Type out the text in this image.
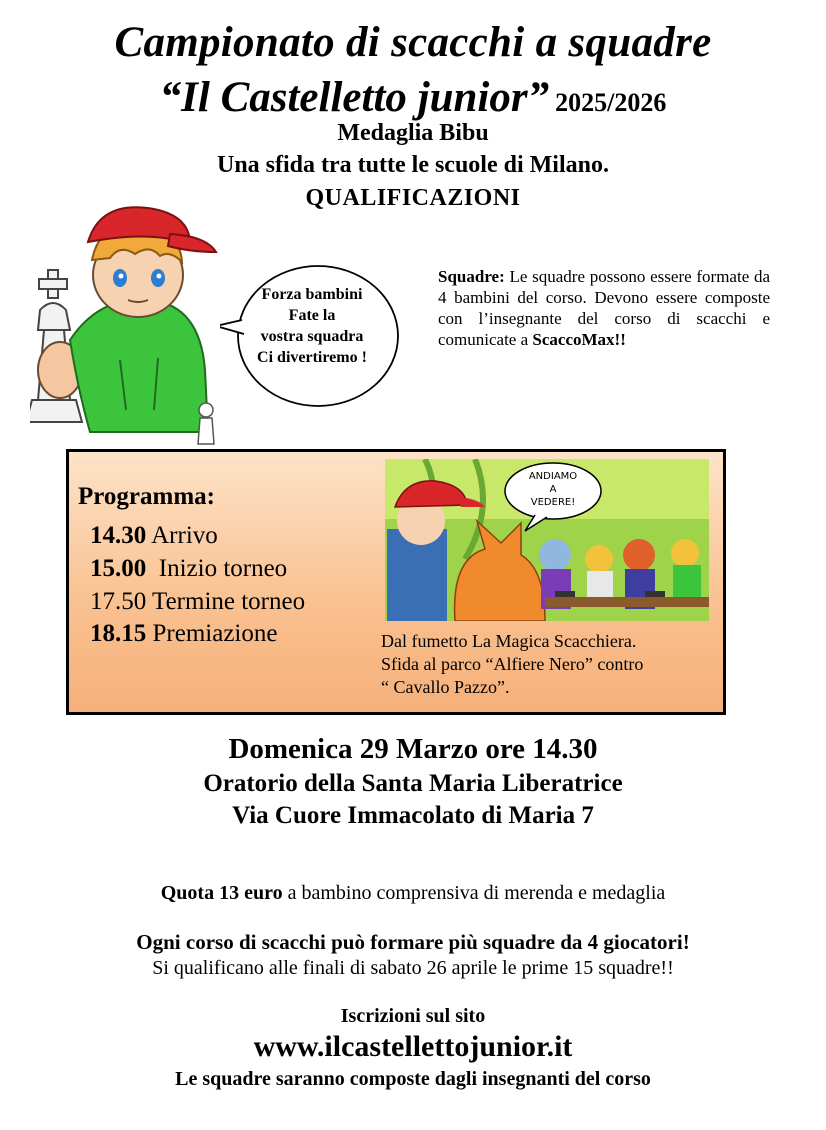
Campionato di scacchi a squadre
“Il Castelletto junior” 2025/2026
Medaglia Bibu
Una sfida tra tutte le scuole di Milano.
QUALIFICAZIONI
Forza bambini
Fate la
vostra squadra
Ci divertiremo !
Squadre: Le squadre possono essere formate da 4 bambini del corso. Devono essere composte con l’insegnante del corso di scacchi e comunicate a ScaccoMax!!
Programma:
14.30 Arrivo
15.00  Inizio torneo
17.50 Termine torneo
18.15 Premiazione
ANDIAMO
A
VEDERE!
Dal fumetto La Magica Scacchiera.
Sfida al parco “Alfiere Nero” contro
“ Cavallo Pazzo”.
Domenica 29 Marzo ore 14.30
Oratorio della Santa Maria Liberatrice
Via Cuore Immacolato di Maria 7
Quota 13 euro a bambino comprensiva di merenda e medaglia
Ogni corso di scacchi può formare più squadre da 4 giocatori!
Si qualificano alle finali di sabato 26 aprile le prime 15 squadre!!
Iscrizioni sul sito
www.ilcastellettojunior.it
Le squadre saranno composte dagli insegnanti del corso
